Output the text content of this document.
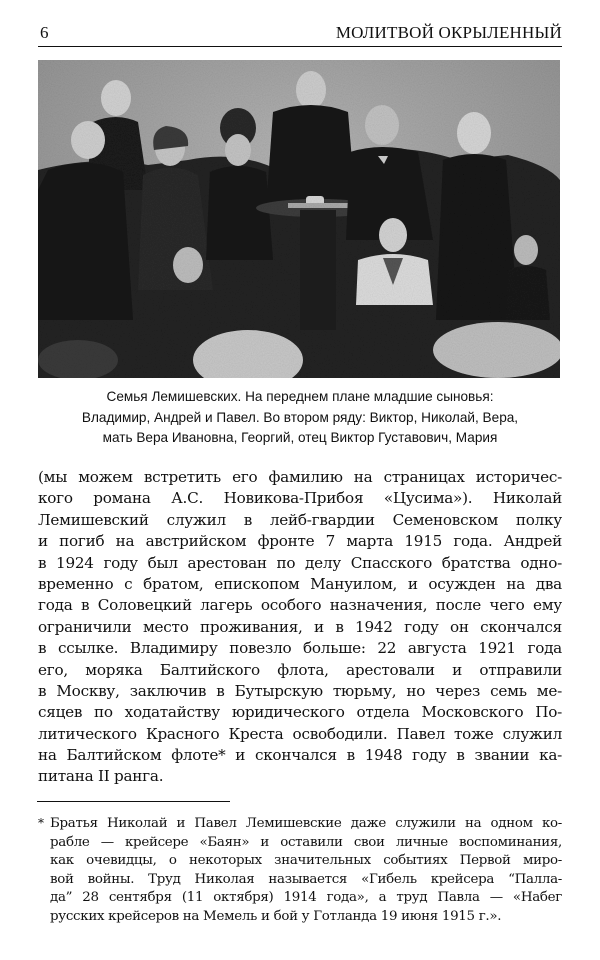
6	МОЛИТВОЙ ОКРЫЛЕННЫЙ
Семья Лемишевских. На переднем плане младшие сыновья:
Владимир, Андрей и Павел. Во втором ряду: Виктор, Николай, Вера,
мать Вера Ивановна, Георгий, отец Виктор Густавович, Мария
(мы можем встретить его фамилию на страницах историчес-
кого романа А.С. Новикова-Прибоя «Цусима»). Николай
Лемишевский служил в лейб-гвардии Семеновском полку
и погиб на австрийском фронте 7 марта 1915 года. Андрей
в 1924 году был арестован по делу Спасского братства одно-
временно с братом, епископом Мануилом, и осужден на два
года в Соловецкий лагерь особого назначения, после чего ему
ограничили место проживания, и в 1942 году он скончался
в ссылке. Владимиру повезло больше: 22 августа 1921 года
его, моряка Балтийского флота, арестовали и отправили
в Москву, заключив в Бутырскую тюрьму, но через семь ме-
сяцев по ходатайству юридического отдела Московского По-
литического Красного Креста освободили. Павел тоже служил
на Балтийском флоте* и скончался в 1948 году в звании ка-
питана II ранга.
* Братья Николай и Павел Лемишевские даже служили на одном ко-
рабле — крейсере «Баян» и оставили свои личные воспоминания,
как очевидцы, о некоторых значительных событиях Первой миро-
вой войны. Труд Николая называется «Гибель крейсера “Палла-
да” 28 сентября (11 октября) 1914 года», а труд Павла — «Набег
русских крейсеров на Мемель и бой у Готланда 19 июня 1915 г.».
